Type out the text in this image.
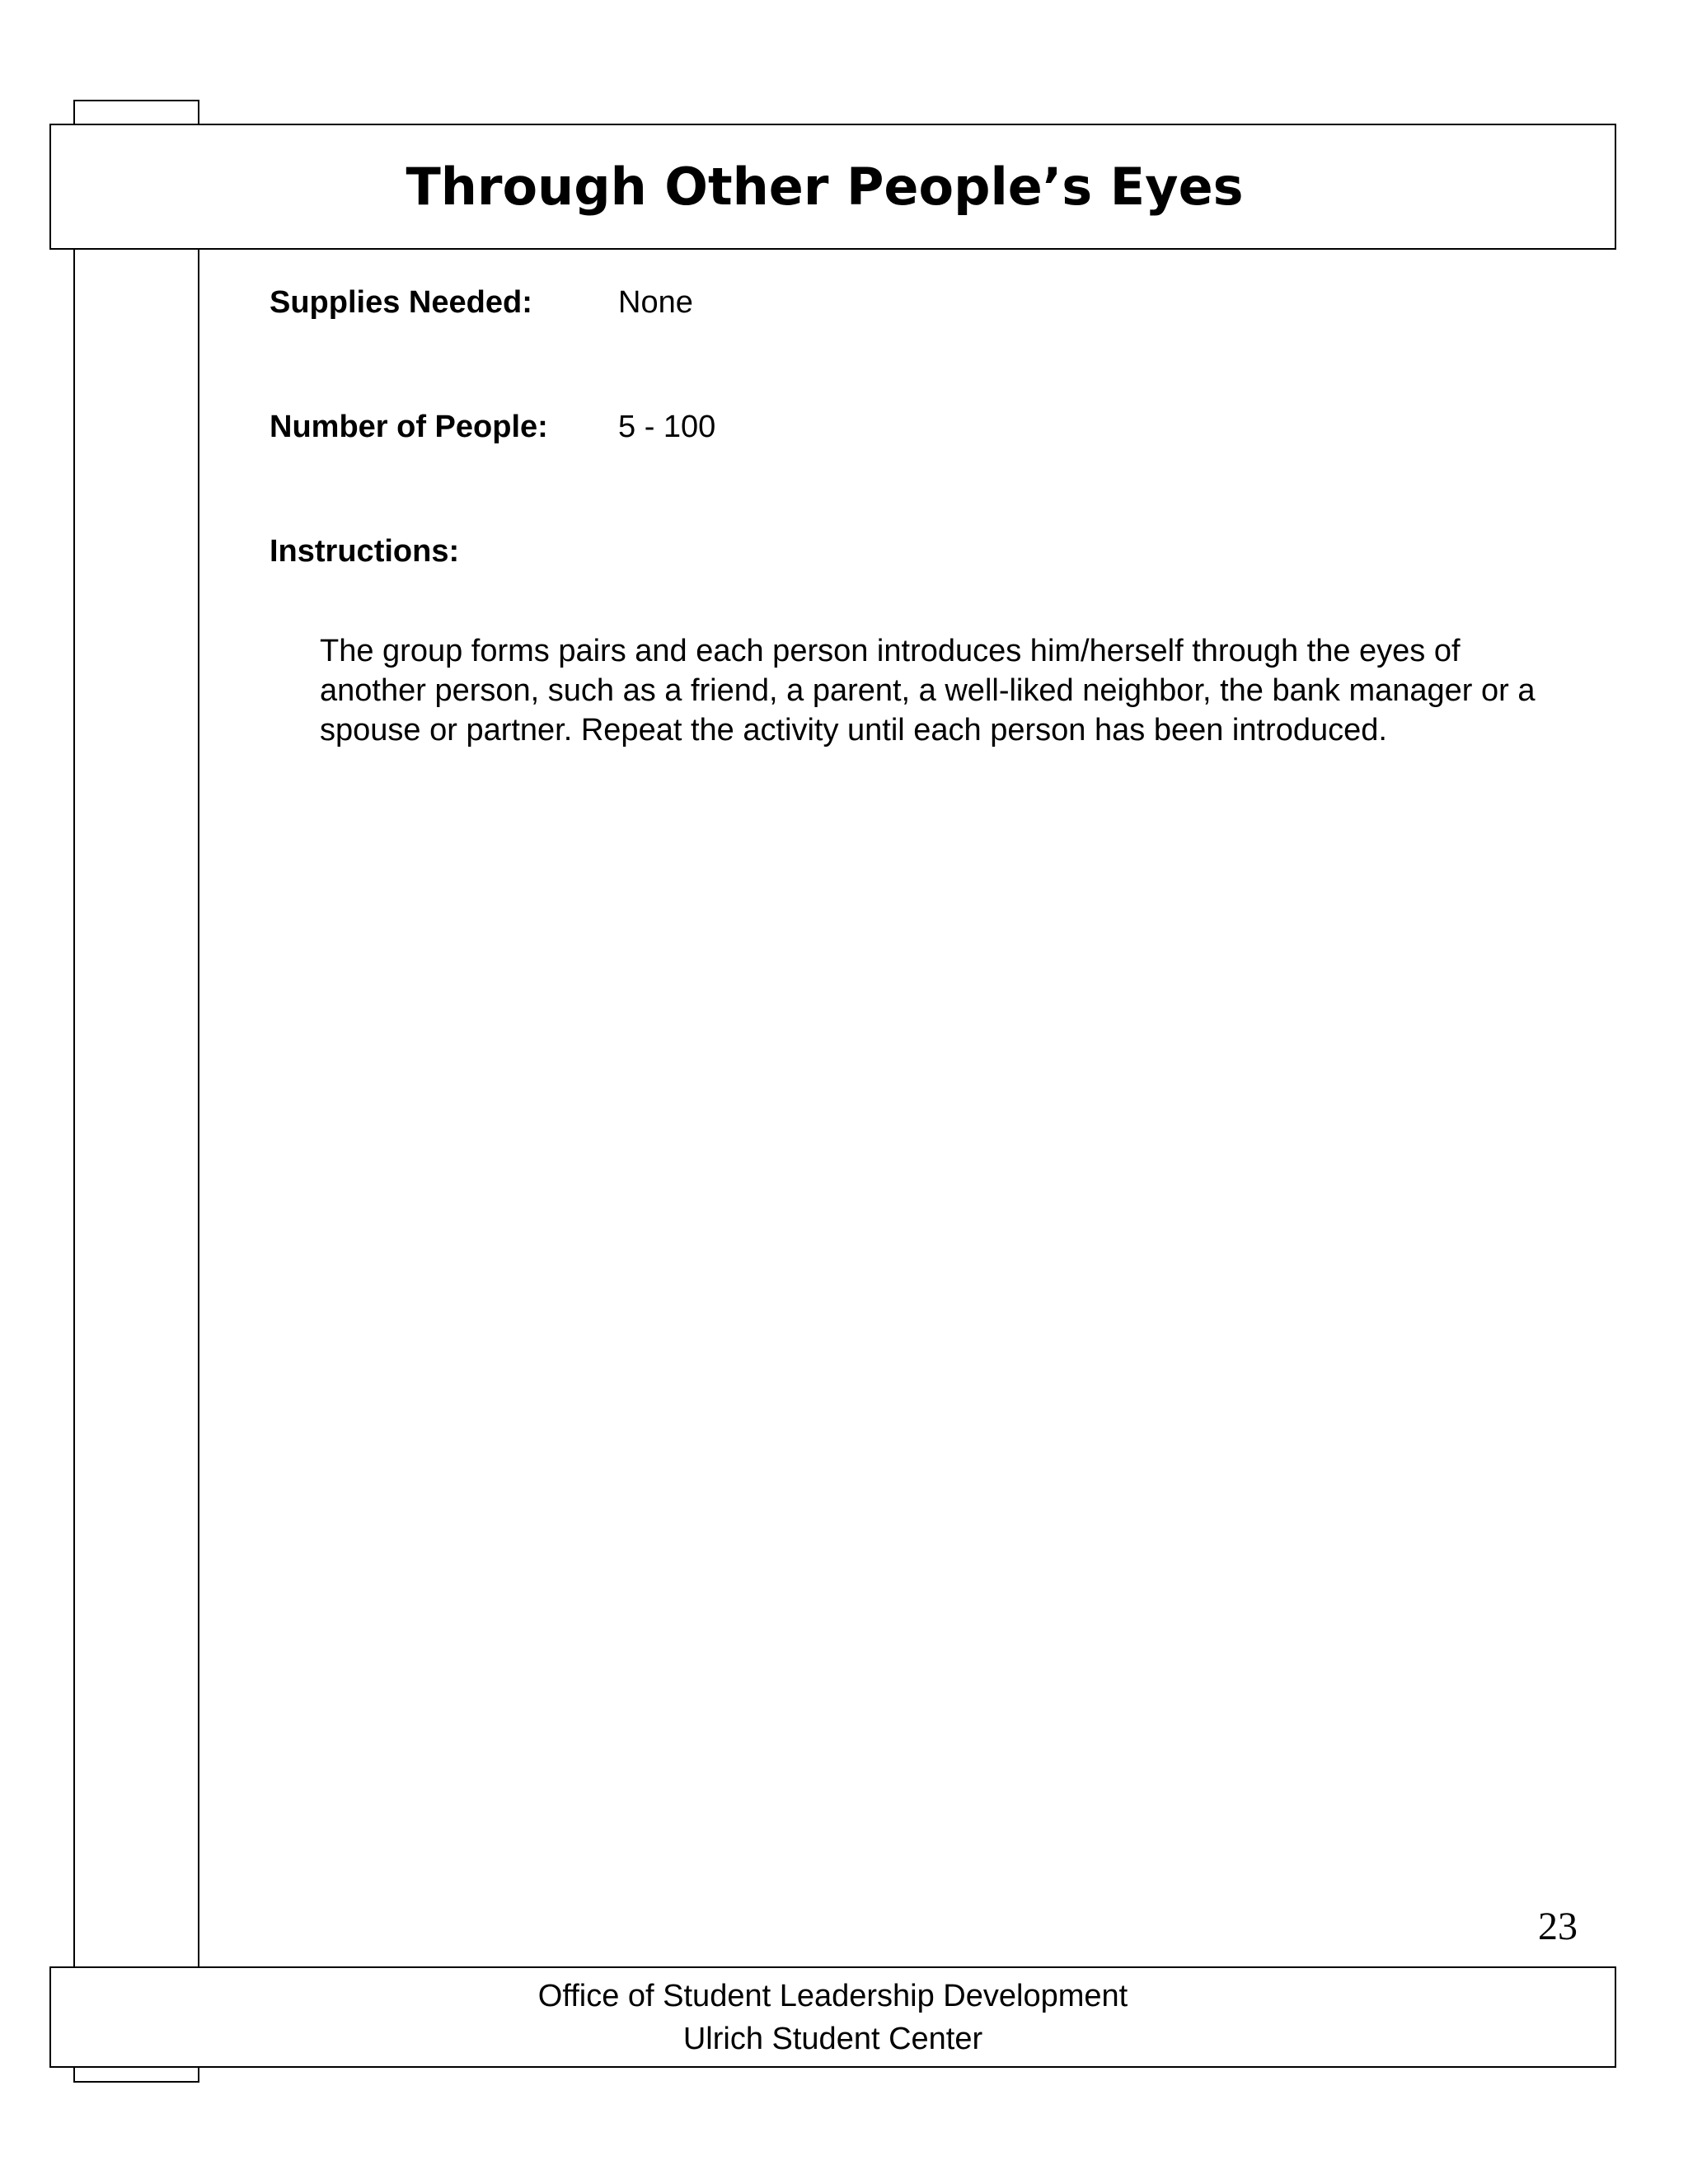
Through Other People’s Eyes
Supplies Needed:	None
Number of People: 5 - 100
Instructions:
The group forms pairs and each person introduces him/herself through the eyes of another person, such as a friend, a parent, a well-liked neighbor, the bank manager or a spouse or partner. Repeat the activity until each person has been introduced.
23
Office of Student Leadership Development
Ulrich Student Center
